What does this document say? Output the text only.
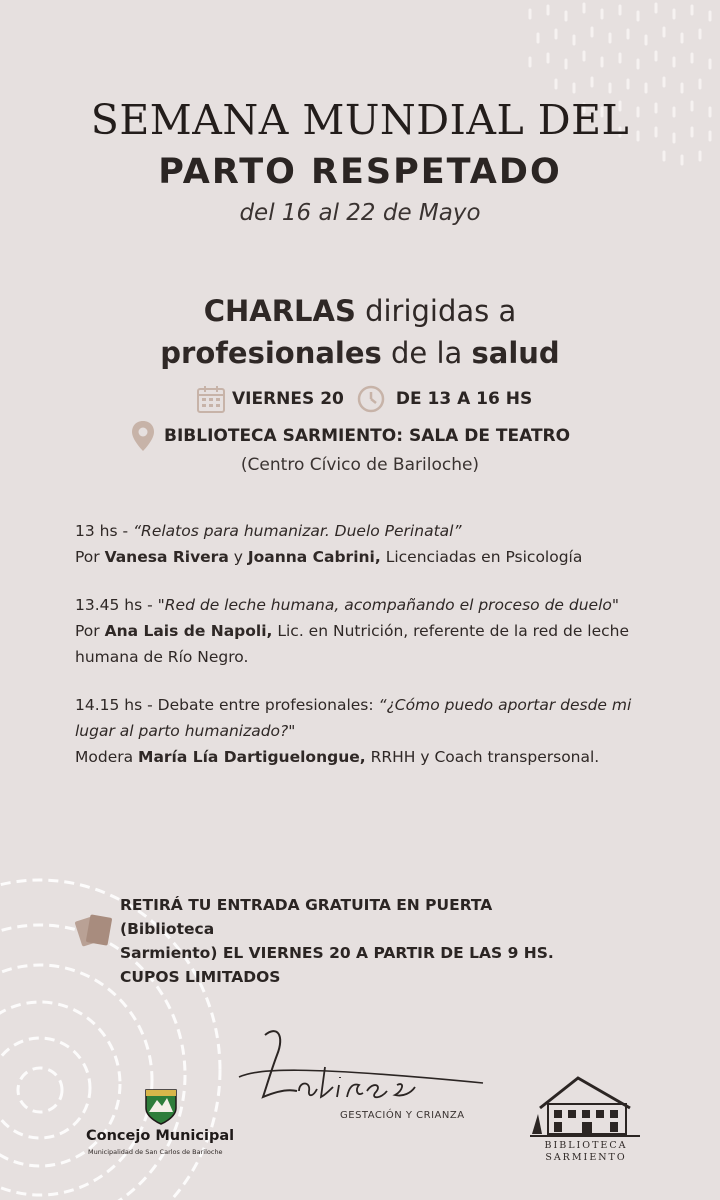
SEMANA MUNDIAL DEL
PARTO RESPETADO
del 16 al 22 de Mayo
CHARLAS dirigidas a
profesionales de la salud
VIERNES 20	DE 13 A 16 HS
BIBLIOTECA SARMIENTO: SALA DE TEATRO
(Centro Cívico de Bariloche)
13 hs - “Relatos para humanizar. Duelo Perinatal”
Por Vanesa Rivera y Joanna Cabrini, Licenciadas en Psicología
13.45 hs - "Red de leche humana, acompañando el proceso de duelo"
Por Ana Lais de Napoli, Lic. en Nutrición, referente de la red de leche humana de Río Negro.
14.15 hs - Debate entre profesionales: “¿Cómo puedo aportar desde mi lugar al parto humanizado?"
Modera María Lía Dartiguelongue, RRHH y Coach transpersonal.
RETIRÁ TU ENTRADA GRATUITA EN PUERTA (Biblioteca
Sarmiento) EL VIERNES 20 A PARTIR DE LAS 9 HS.
CUPOS LIMITADOS
GESTACIÓN Y CRIANZA
Concejo Municipal
Municipalidad de San Carlos de Bariloche
BIBLIOTECA
SARMIENTO
